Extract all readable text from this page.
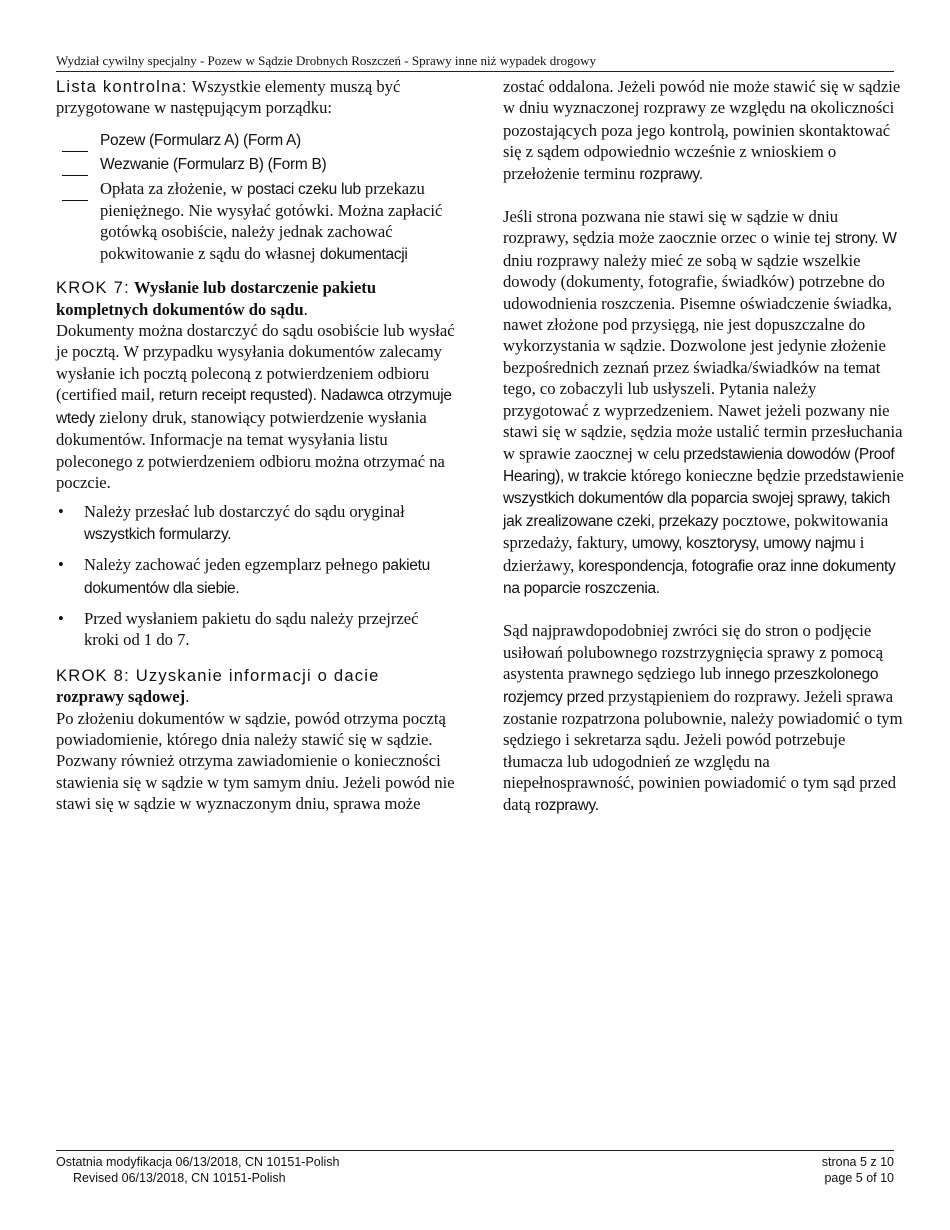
Wydział cywilny specjalny - Pozew w Sądzie Drobnych Roszczeń - Sprawy inne niż wypadek drogowy

Lista kontrolna: Wszystkie elementy muszą być przygotowane w następującym porządku:

Pozew (Formularz A) (Form A)
Wezwanie (Formularz B) (Form B)
Opłata za złożenie, w postaci czeku lub przekazu pieniężnego. Nie wysyłać gotówki. Można zapłacić gotówką osobiście, należy jednak zachować pokwitowanie z sądu do własnej dokumentacji

KROK 7: Wysłanie lub dostarczenie pakietu kompletnych dokumentów do sądu.

Dokumenty można dostarczyć do sądu osobiście lub wysłać je pocztą. W przypadku wysyłania dokumentów zalecamy wysłanie ich pocztą poleconą z potwierdzeniem odbioru (certified mail, return receipt requsted). Nadawca otrzymuje wtedy zielony druk, stanowiący potwierdzenie wysłania dokumentów. Informacje na temat wysyłania listu poleconego z potwierdzeniem odbioru można otrzymać na poczcie.

• Należy przesłać lub dostarczyć do sądu oryginał wszystkich formularzy.
• Należy zachować jeden egzemplarz pełnego pakietu dokumentów dla siebie.
• Przed wysłaniem pakietu do sądu należy przejrzeć kroki od 1 do 7.

KROK 8: Uzyskanie informacji o dacie
rozprawy sądowej.

Po złożeniu dokumentów w sądzie, powód otrzyma pocztą powiadomienie, którego dnia należy stawić się w sądzie. Pozwany również otrzyma zawiadomienie o konieczności stawienia się w sądzie w tym samym dniu. Jeżeli powód nie stawi się w sądzie w wyznaczonym dniu, sprawa może

zostać oddalona. Jeżeli powód nie może stawić się w sądzie w dniu wyznaczonej rozprawy ze względu na okoliczności pozostających poza jego kontrolą, powinien skontaktować się z sądem odpowiednio wcześnie z wnioskiem o przełożenie terminu rozprawy.

Jeśli strona pozwana nie stawi się w sądzie w dniu rozprawy, sędzia może zaocznie orzec o winie tej strony. W dniu rozprawy należy mieć ze sobą w sądzie wszelkie dowody (dokumenty, fotografie, świadków) potrzebne do udowodnienia roszczenia. Pisemne oświadczenie świadka, nawet złożone pod przysięgą, nie jest dopuszczalne do wykorzystania w sądzie. Dozwolone jest jedynie złożenie bezpośrednich zeznań przez świadka/świadków na temat tego, co zobaczyli lub usłyszeli. Pytania należy przygotować z wyprzedzeniem. Nawet jeżeli pozwany nie stawi się w sądzie, sędzia może ustalić termin przesłuchania w sprawie zaocznej w celu przedstawienia dowodów (Proof Hearing), w trakcie którego konieczne będzie przedstawienie wszystkich dokumentów dla poparcia swojej sprawy, takich jak zrealizowane czeki, przekazy pocztowe, pokwitowania sprzedaży, faktury, umowy, kosztorysy, umowy najmu i dzierżawy, korespondencja, fotografie oraz inne dokumenty na poparcie roszczenia.

Sąd najprawdopodobniej zwróci się do stron o podjęcie usiłowań polubownego rozstrzygnięcia sprawy z pomocą asystenta prawnego sędziego lub innego przeszkolonego rozjemcy przed przystąpieniem do rozprawy. Jeżeli sprawa zostanie rozpatrzona polubownie, należy powiadomić o tym sędziego i sekretarza sądu. Jeżeli powód potrzebuje tłumacza lub udogodnień ze względu na niepełnosprawność, powinien powiadomić o tym sąd przed datą rozprawy.

Ostatnia modyfikacja 06/13/2018, CN 10151-Polish
Revised 06/13/2018, CN 10151-Polish
strona 5 z 10
page 5 of 10
